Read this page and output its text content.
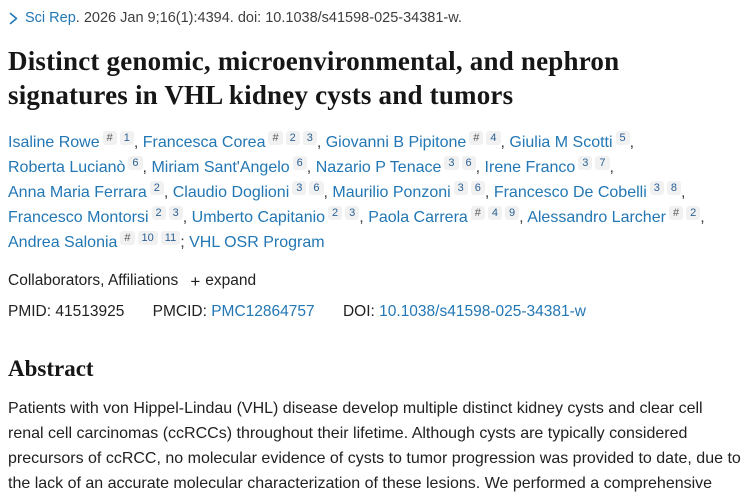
Sci Rep. 2026 Jan 9;16(1):4394. doi: 10.1038/s41598-025-34381-w.
Distinct genomic, microenvironmental, and nephron signatures in VHL kidney cysts and tumors

Isaline Rowe # $^1$ , Francesca Corea # $^2$ $^3$ , Giovanni B Pipitone # $^4$ , Giulia M Scotti $^5$ , Roberta Lucianò $^6$ , Miriam Sant'Angelo $^6$ , Nazario P Tenace $^3$ $^6$ , Irene Franco $^3$ $^7$ , Anna Maria Ferrara $^2$ , Claudio Doglioni $^3$ $^6$ , Maurilio Ponzoni $^3$ $^6$ , Francesco De Cobelli $^3$ $^8$ , Francesco Montorsi $^2$ $^3$ , Umberto Capitanio $^2$ $^3$ , Paola Carrera # $^4$ $^9$ , Alessandro Larcher # $^2$ , Andrea Salonia # $^{10}$ $^{11}$ ; VHL OSR Program

Collaborators, Affiliations + expand
PMID: 41513925 PMCID: PMC12864757 DOI: 10.1038/s41598-025-34381-w
Abstract

Patients with von Hippel-Lindau (VHL) disease develop multiple distinct kidney cysts and clear cell renal cell carcinomas (ccRCCs) throughout their lifetime. Although cysts are typically considered precursors of ccRCC, no molecular evidence of cysts to tumor progression was provided to date, due to the lack of an accurate molecular characterization of these lesions. We performed a comprehensive
